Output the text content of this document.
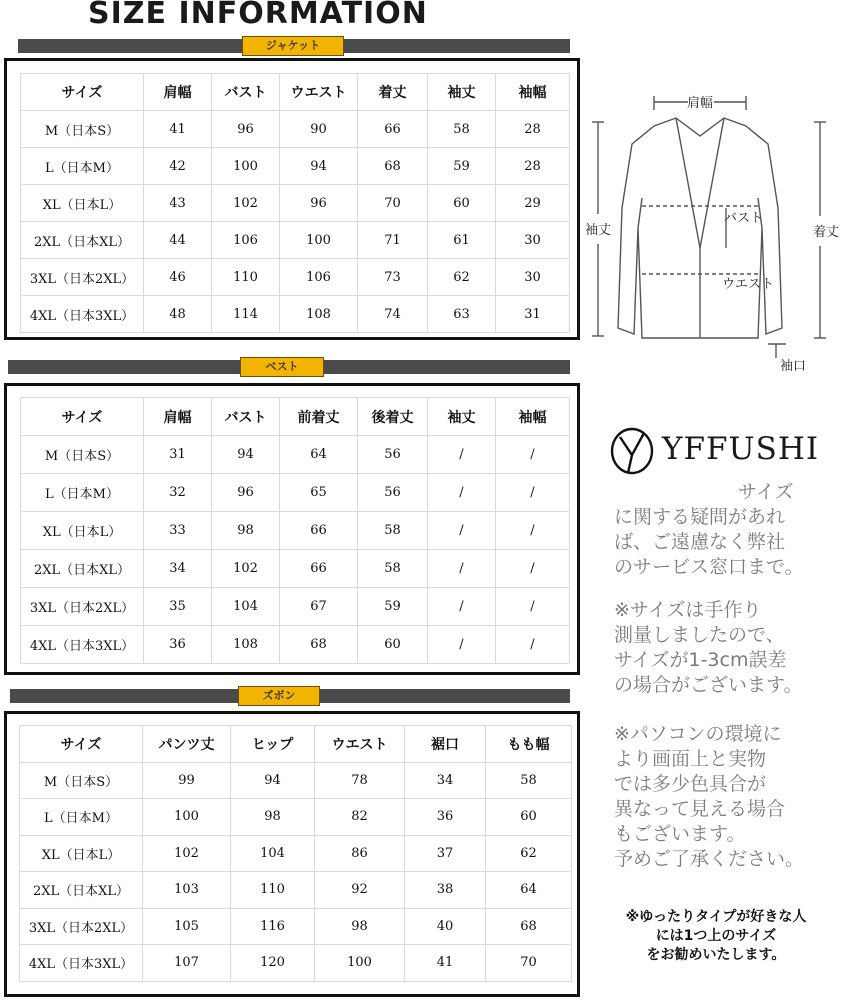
SIZE INFORMATION
ジャケット
サイズ	肩幅	バスト	ウエスト	着丈	袖丈	袖幅
M（日本S）	41	96	90	66	58	28
L（日本M）	42	100	94	68	59	28
XL（日本L）	43	102	96	70	60	29
2XL（日本XL）	44	106	100	71	61	30
3XL（日本2XL）	46	110	106	73	62	30
4XL（日本3XL）	48	114	108	74	63	31
ベスト
サイズ	肩幅	バスト	前着丈	後着丈	袖丈	袖幅
M（日本S）	31	94	64	56	/	/
L（日本M）	32	96	65	56	/	/
XL（日本L）	33	98	66	58	/	/
2XL（日本XL）	34	102	66	58	/	/
3XL（日本2XL）	35	104	67	59	/	/
4XL（日本3XL）	36	108	68	60	/	/
ズボン
サイズ	パンツ丈	ヒップ	ウエスト	裾口	もも幅
M（日本S）	99	94	78	34	58
L（日本M）	100	98	82	36	60
XL（日本L）	102	104	86	37	62
2XL（日本XL）	103	110	92	38	64
3XL（日本2XL）	105	116	98	40	68
4XL（日本3XL）	107	120	100	41	70
肩幅
バスト
ウエスト
袖丈	着丈
袖口
YFFUSHI
サイズ
に関する疑問があれ
ば、ご遠慮なく弊社
のサービス窓口まで。
※サイズは手作り
測量しましたので、
サイズが1-3cm誤差
の場合がございます。
※パソコンの環境に
より画面上と実物
では多少色具合が
異なって見える場合
もございます。
予めご了承ください。
※ゆったりタイプが好きな人
には1つ上のサイズ
をお勧めいたします。
